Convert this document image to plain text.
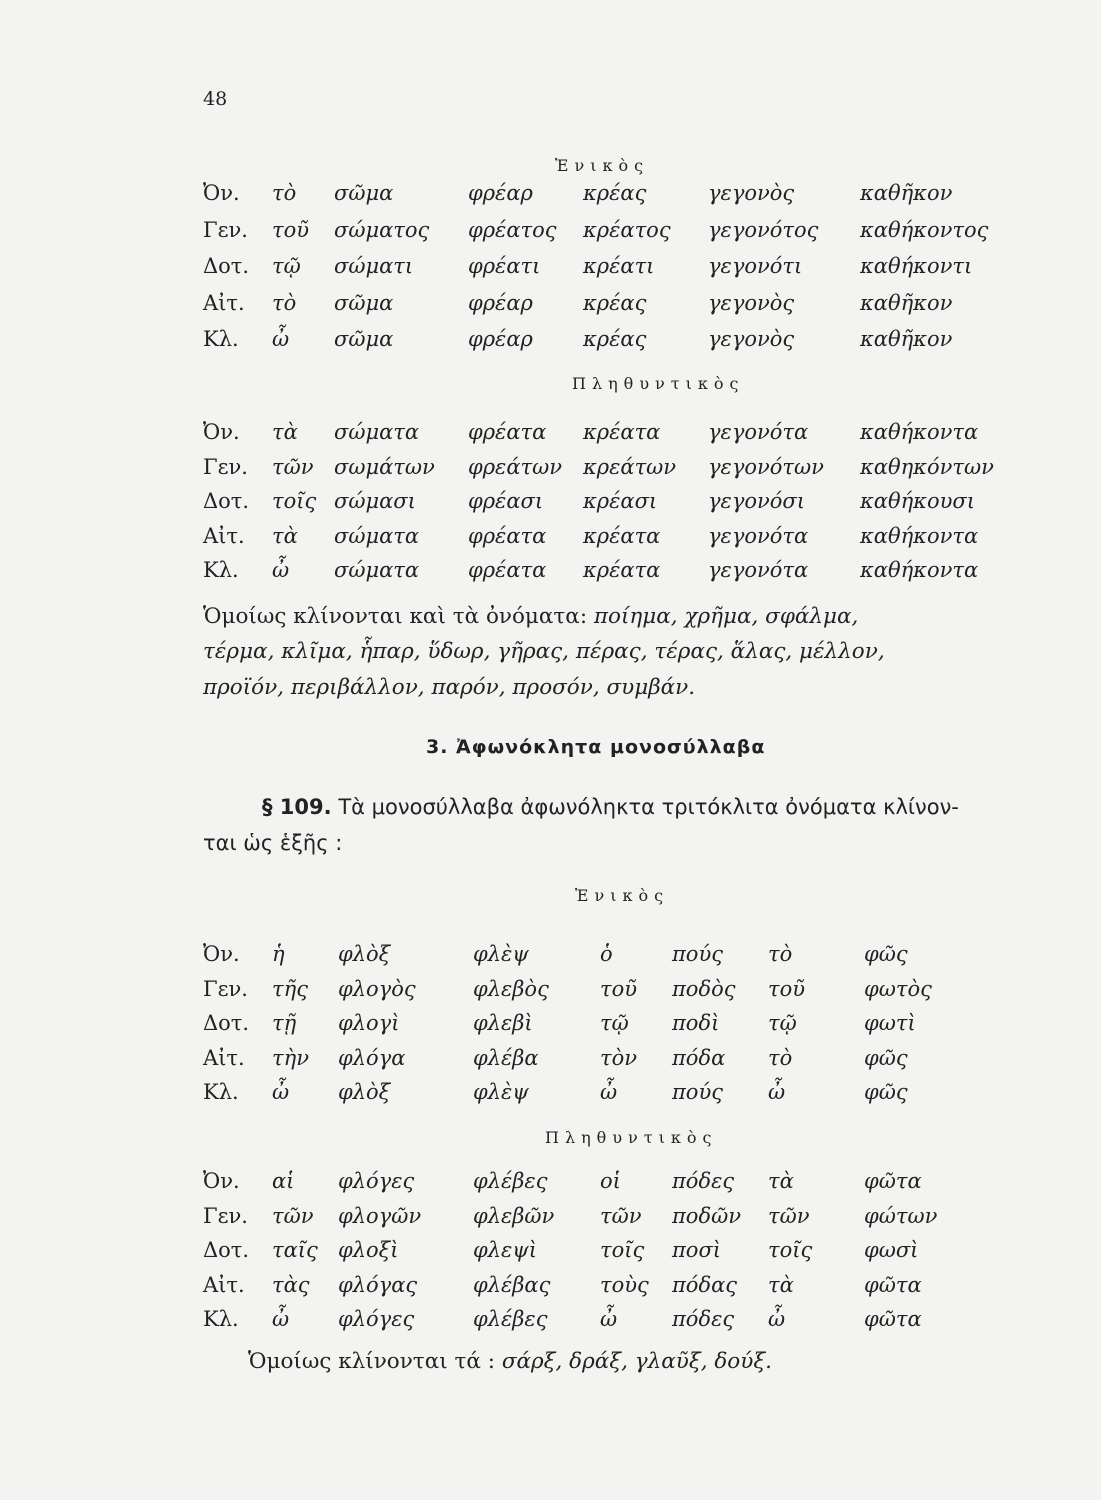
48
Ἑνικὸς
Ὀν. τὸ σῶμα	φρέαρ κρέας	γεγονὸς	καθῆκον
Γεν. τοῦ σώματος φρέατος κρέατος γεγονότος καθήκοντος
Δοτ. τῷ σώματι	φρέατι κρέατι	γεγονότι	καθήκοντι
Αἰτ. τὸ σῶμα	φρέαρ κρέας	γεγονὸς	καθῆκον
Κλ. ὦ σῶμα	φρέαρ κρέας	γεγονὸς	καθῆκον
Πληθυντικὸς
Ὀν. τὰ σώματα φρέατα κρέατα γεγονότα καθήκοντα
Γεν. τῶν σωμάτων φρεάτων κρεάτων γεγονότων καθηκόντων
Δοτ. τοῖς σώμασι φρέασι κρέασι γεγονόσι	καθήκουσι
Αἰτ. τὰ σώματα φρέατα κρέατα γεγονότα καθήκοντα
Κλ. ὦ σώματα φρέατα κρέατα γεγονότα καθήκοντα
Ὁμοίως κλίνονται καὶ τὰ ὀνόματα: ποίημα, χρῆμα, σφάλμα,
τέρμα, κλῖμα, ἧπαρ, ὕδωρ, γῆρας, πέρας, τέρας, ἅλας, μέλλον,
προϊόν, περιβάλλον, παρόν, προσόν, συμβάν.
3. Ἀφωνόκλητα μονοσύλλαβα
§ 109. Τὰ μονοσύλλαβα ἀφωνόληκτα τριτόκλιτα ὀνόματα κλίνον-
ται ὡς ἑξῆς :
Ἑνικὸς
Ὀν. ἡ	φλὸξ	φλὲψ	ὁ	πούς τὸ	φῶς
Γεν. τῆς φλογὸς	φλεβὸς τοῦ ποδὸς τοῦ	φωτὸς
Δοτ. τῇ φλογὶ	φλεβὶ	τῷ ποδὶ τῷ	φωτὶ
Αἰτ. τὴν φλόγα	φλέβα	τὸν πόδα τὸ	φῶς
Κλ. ὦ φλὸξ	φλὲψ	ὦ	πούς ὦ	φῶς
Πληθυντικὸς
Ὀν. αἱ φλόγες	φλέβες	οἱ πόδες τὰ	φῶτα
Γεν. τῶν φλογῶν φλεβῶν τῶν ποδῶν τῶν	φώτων
Δοτ. ταῖς φλοξὶ	φλεψὶ	τοῖς ποσὶ τοῖς φωσὶ
Αἰτ. τὰς φλόγας	φλέβας τοὺς πόδας τὰ	φῶτα
Κλ. ὦ φλόγες	φλέβες	ὦ	πόδες ὦ	φῶτα
Ὁμοίως κλίνονται τά : σάρξ, δράξ, γλαῦξ, δούξ.
